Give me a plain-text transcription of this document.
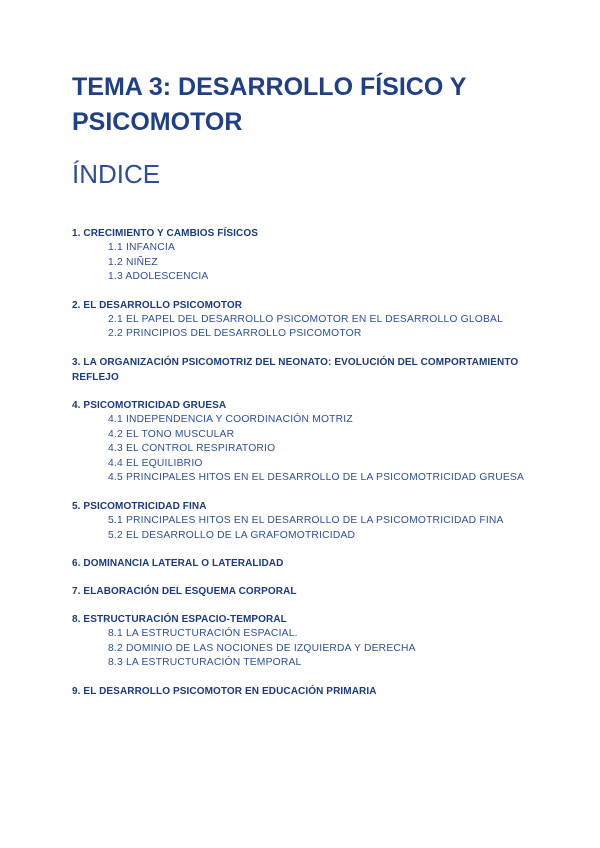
TEMA 3: DESARROLLO FÍSICO Y PSICOMOTOR
ÍNDICE
1. CRECIMIENTO Y CAMBIOS FÍSICOS
1.1 INFANCIA
1.2 NIÑEZ
1.3 ADOLESCENCIA
2. EL DESARROLLO PSICOMOTOR
2.1 EL PAPEL DEL DESARROLLO PSICOMOTOR EN EL DESARROLLO GLOBAL
2.2 PRINCIPIOS DEL DESARROLLO PSICOMOTOR
3. LA ORGANIZACIÓN PSICOMOTRIZ DEL NEONATO: EVOLUCIÓN DEL COMPORTAMIENTO REFLEJO
4. PSICOMOTRICIDAD GRUESA
4.1 INDEPENDENCIA Y COORDINACIÓN MOTRIZ
4.2 EL TONO MUSCULAR
4.3 EL CONTROL RESPIRATORIO
4.4 EL EQUILIBRIO
4.5 PRINCIPALES HITOS EN EL DESARROLLO DE LA PSICOMOTRICIDAD GRUESA
5. PSICOMOTRICIDAD FINA
5.1 PRINCIPALES HITOS EN EL DESARROLLO DE LA PSICOMOTRICIDAD FINA
5.2 EL DESARROLLO DE LA GRAFOMOTRICIDAD
6. DOMINANCIA LATERAL O LATERALIDAD
7. ELABORACIÓN DEL ESQUEMA CORPORAL
8. ESTRUCTURACIÓN ESPACIO-TEMPORAL
8.1 LA ESTRUCTURACIÓN ESPACIAL.
8.2 DOMINIO DE LAS NOCIONES DE IZQUIERDA Y DERECHA
8.3 LA ESTRUCTURACIÓN TEMPORAL
9. EL DESARROLLO PSICOMOTOR EN EDUCACIÓN PRIMARIA
